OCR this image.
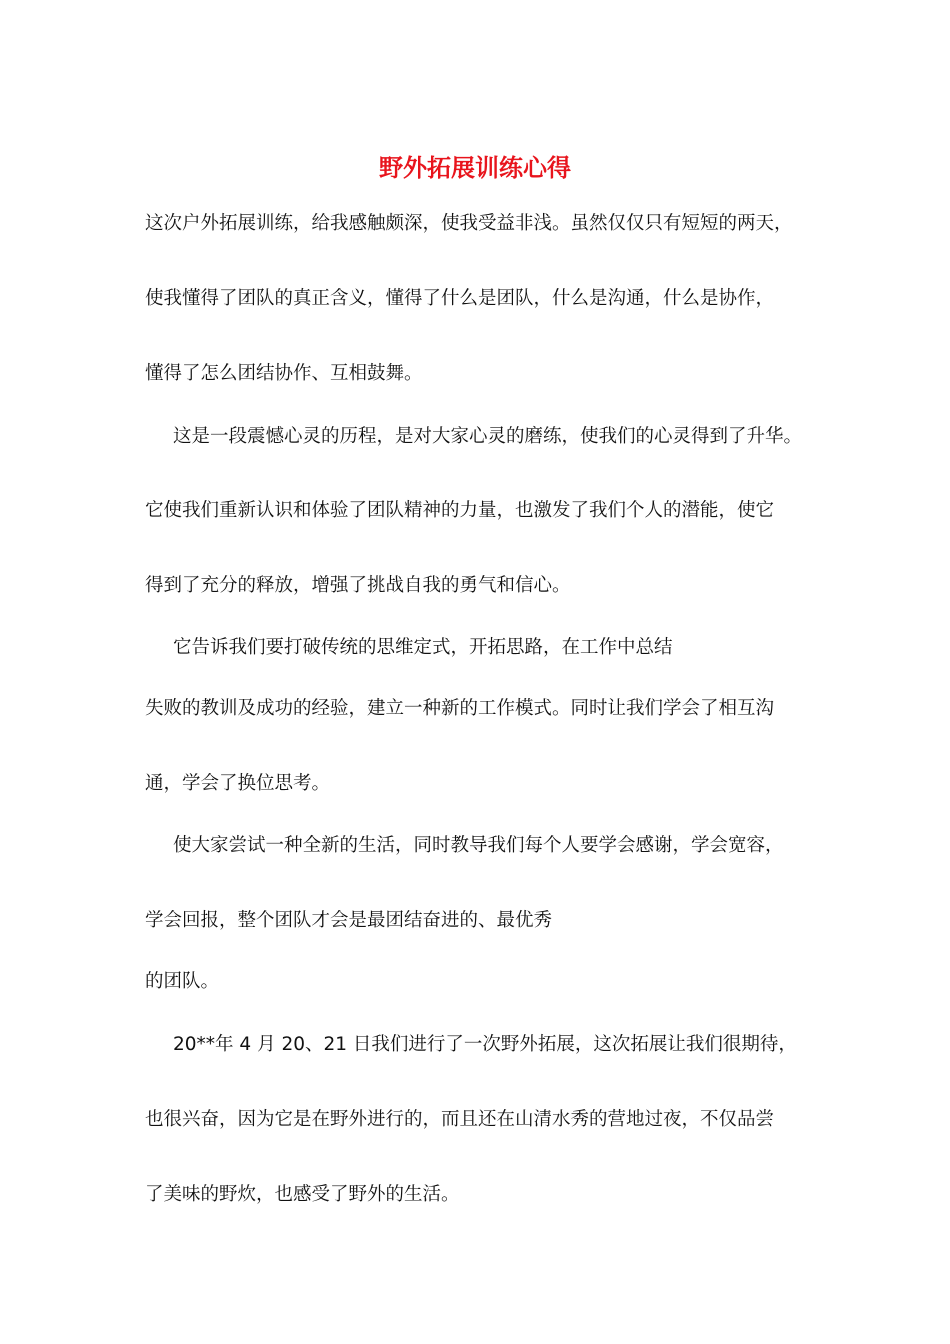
野外拓展训练心得

这次户外拓展训练，给我感触颇深，使我受益非浅。虽然仅仅只有短短的两天，

使我懂得了团队的真正含义，懂得了什么是团队，什么是沟通，什么是协作，

懂得了怎么团结协作、互相鼓舞。

这是一段震憾心灵的历程，是对大家心灵的磨练，使我们的心灵得到了升华。

它使我们重新认识和体验了团队精神的力量，也激发了我们个人的潜能，使它

得到了充分的释放，增强了挑战自我的勇气和信心。

它告诉我们要打破传统的思维定式，开拓思路，在工作中总结

失败的教训及成功的经验，建立一种新的工作模式。同时让我们学会了相互沟

通，学会了换位思考。

使大家尝试一种全新的生活，同时教导我们每个人要学会感谢，学会宽容，

学会回报，整个团队才会是最团结奋进的、最优秀

的团队。

20**年 4 月 20、21 日我们进行了一次野外拓展，这次拓展让我们很期待，

也很兴奋，因为它是在野外进行的，而且还在山清水秀的营地过夜，不仅品尝

了美味的野炊，也感受了野外的生活。
